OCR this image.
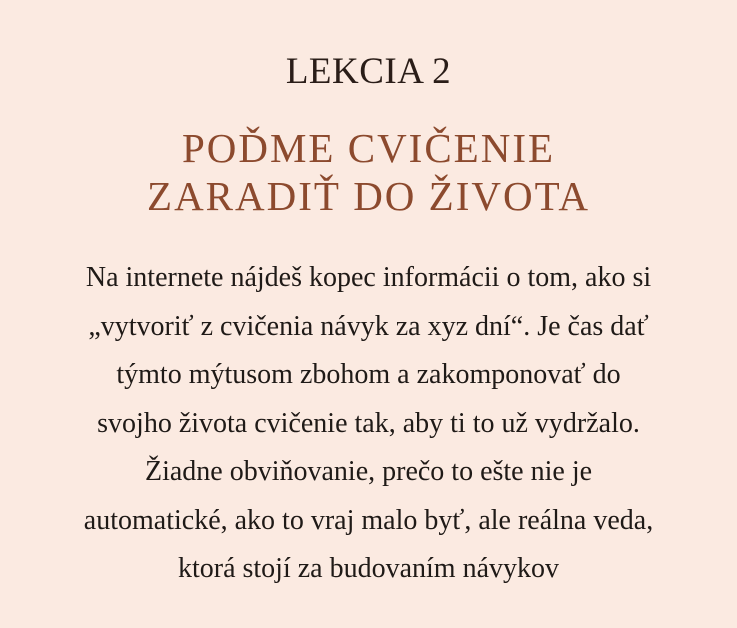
LEKCIA 2
POĎME CVIČENIE
ZARADIŤ DO ŽIVOTA
Na internete nájdeš kopec informácii o tom, ako si
„vytvoriť z cvičenia návyk za xyz dní“. Je čas dať
týmto mýtusom zbohom a zakomponovať do
svojho života cvičenie tak, aby ti to už vydržalo.
Žiadne obviňovanie, prečo to ešte nie je
automatické, ako to vraj malo byť, ale reálna veda,
ktorá stojí za budovaním návykov
